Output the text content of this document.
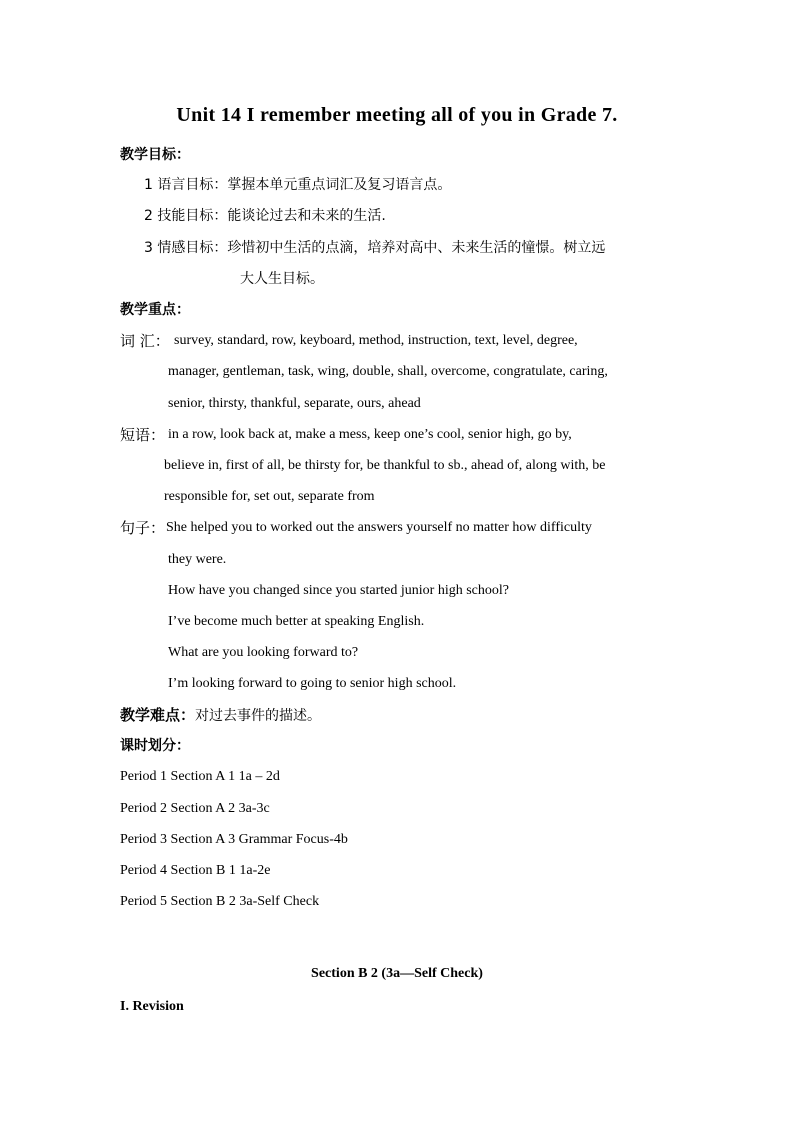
Unit 14 I remember meeting all of you in Grade 7.
教学目标：
1 语言目标：掌握本单元重点词汇及复习语言点。
2 技能目标：能谈论过去和未来的生活.
3 情感目标：珍惜初中生活的点滴，培养对高中、未来生活的憧憬。树立远
大人生目标。
教学重点：
词 汇： survey, standard, row, keyboard, method, instruction, text, level, degree,
manager, gentleman, task, wing, double, shall, overcome, congratulate, caring,
senior, thirsty, thankful, separate, ours, ahead
短语： in a row, look back at, make a mess, keep one’s cool, senior high, go by,
believe in, first of all, be thirsty for, be thankful to sb., ahead of, along with, be
responsible for, set out, separate from
句子： She helped you to worked out the answers yourself no matter how difficulty
they were.
How have you changed since you started junior high school?
I’ve become much better at speaking English.
What are you looking forward to?
I’m looking forward to going to senior high school.
教学难点：对过去事件的描述。
课时划分：
Period 1 Section A 1 1a – 2d
Period 2 Section A 2 3a-3c
Period 3 Section A 3 Grammar Focus-4b
Period 4 Section B 1 1a-2e
Period 5 Section B 2 3a-Self Check
Section B 2 (3a—Self Check)
I. Revision
